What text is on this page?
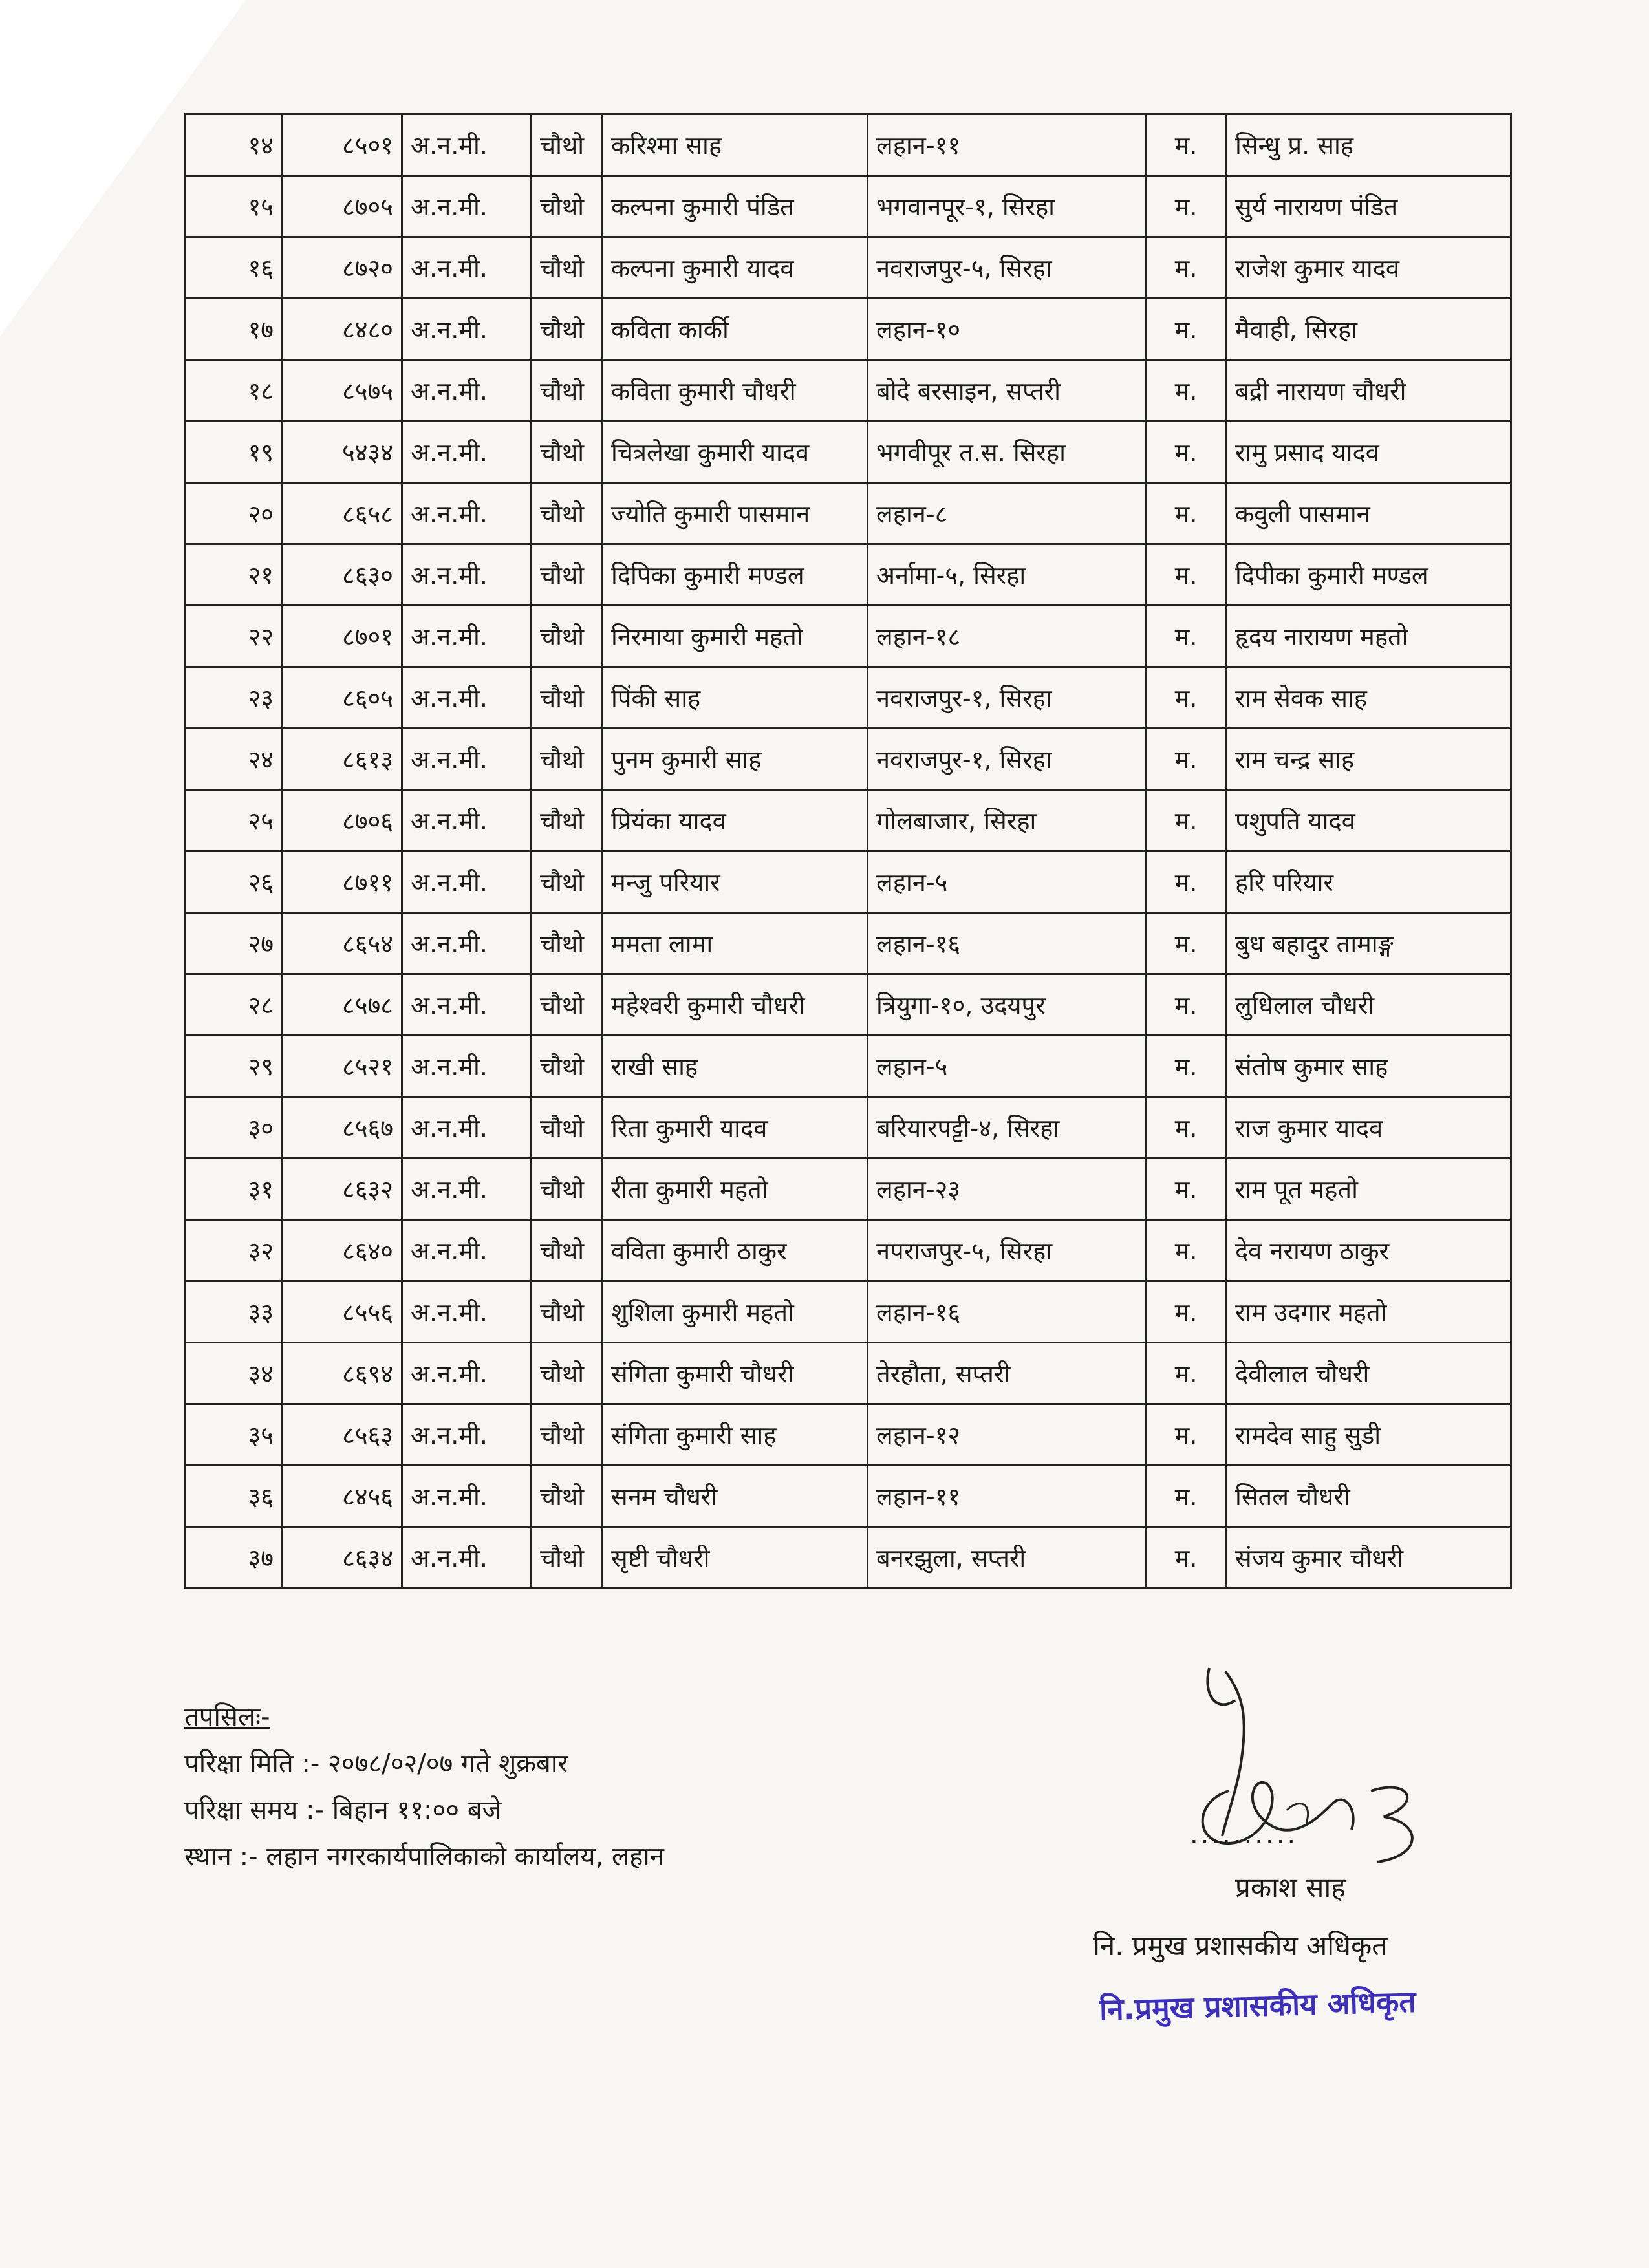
१४	८५०१	अ.न.मी.	चौथो	करिश्मा साह	लहान-११	म.	सिन्धु प्र. साह
१५	८७०५	अ.न.मी.	चौथो	कल्पना कुमारी पंडित	भगवानपूर-१, सिरहा	म.	सुर्य नारायण पंडित
१६	८७२०	अ.न.मी.	चौथो	कल्पना कुमारी यादव	नवराजपुर-५, सिरहा	म.	राजेश कुमार यादव
१७	८४८०	अ.न.मी.	चौथो	कविता कार्की	लहान-१०	म.	मैवाही, सिरहा
१८	८५७५	अ.न.मी.	चौथो	कविता कुमारी चौधरी	बोदे बरसाइन, सप्तरी	म.	बद्री नारायण चौधरी
१९	५४३४	अ.न.मी.	चौथो	चित्रलेखा कुमारी यादव	भगवीपूर त.स. सिरहा	म.	रामु प्रसाद यादव
२०	८६५८	अ.न.मी.	चौथो	ज्योति कुमारी पासमान	लहान-८	म.	कवुली पासमान
२१	८६३०	अ.न.मी.	चौथो	दिपिका कुमारी मण्डल	अर्नामा-५, सिरहा	म.	दिपीका कुमारी मण्डल
२२	८७०१	अ.न.मी.	चौथो	निरमाया कुमारी महतो	लहान-१८	म.	हृदय नारायण महतो
२३	८६०५	अ.न.मी.	चौथो	पिंकी साह	नवराजपुर-१, सिरहा	म.	राम सेवक साह
२४	८६१३	अ.न.मी.	चौथो	पुनम कुमारी साह	नवराजपुर-१, सिरहा	म.	राम चन्द्र साह
२५	८७०६	अ.न.मी.	चौथो	प्रियंका यादव	गोलबाजार, सिरहा	म.	पशुपति यादव
२६	८७११	अ.न.मी.	चौथो	मन्जु परियार	लहान-५	म.	हरि परियार
२७	८६५४	अ.न.मी.	चौथो	ममता लामा	लहान-१६	म.	बुध बहादुर तामाङ्ग
२८	८५७८	अ.न.मी.	चौथो	महेश्वरी कुमारी चौधरी	त्रियुगा-१०, उदयपुर	म.	लुधिलाल चौधरी
२९	८५२१	अ.न.मी.	चौथो	राखी साह	लहान-५	म.	संतोष कुमार साह
३०	८५६७	अ.न.मी.	चौथो	रिता कुमारी यादव	बरियारपट्टी-४, सिरहा	म.	राज कुमार यादव
३१	८६३२	अ.न.मी.	चौथो	रीता कुमारी महतो	लहान-२३	म.	राम पूत महतो
३२	८६४०	अ.न.मी.	चौथो	वविता कुमारी ठाकुर	नपराजपुर-५, सिरहा	म.	देव नरायण ठाकुर
३३	८५५६	अ.न.मी.	चौथो	शुशिला कुमारी महतो	लहान-१६	म.	राम उदगार महतो
३४	८६९४	अ.न.मी.	चौथो	संगिता कुमारी चौधरी	तेरहौता, सप्तरी	म.	देवीलाल चौधरी
३५	८५६३	अ.न.मी.	चौथो	संगिता कुमारी साह	लहान-१२	म.	रामदेव साहु सुडी
३६	८४५६	अ.न.मी.	चौथो	सनम चौधरी	लहान-११	म.	सितल चौधरी
३७	८६३४	अ.न.मी.	चौथो	सृष्टी चौधरी	बनरझुला, सप्तरी	म.	संजय कुमार चौधरी
तपसिलः-
परिक्षा मिति :- २०७८/०२/०७ गते शुक्रबार
परिक्षा समय :- बिहान ११:०० बजे
स्थान :- लहान नगरकार्यपालिकाको कार्यालय, लहान
..........
प्रकाश साह
नि. प्रमुख प्रशासकीय अधिकृत
नि.प्रमुख प्रशासकीय अधिकृत
